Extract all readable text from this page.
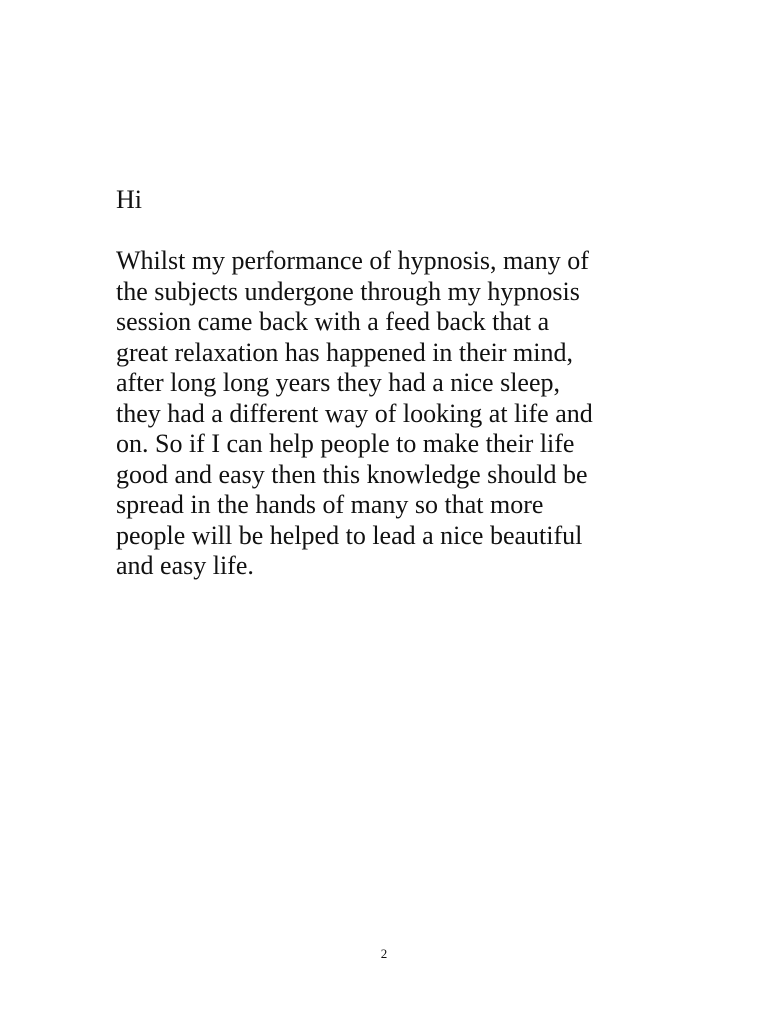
Hi

Whilst my performance of hypnosis, many of
the subjects undergone through my hypnosis
session came back with a feed back that a
great relaxation has happened in their mind,
after long long years they had a nice sleep,
they had a different way of looking at life and
on. So if I can help people to make their life
good and easy then this knowledge should be
spread in the hands of many so that more
people will be helped to lead a nice beautiful
and easy life.

2
